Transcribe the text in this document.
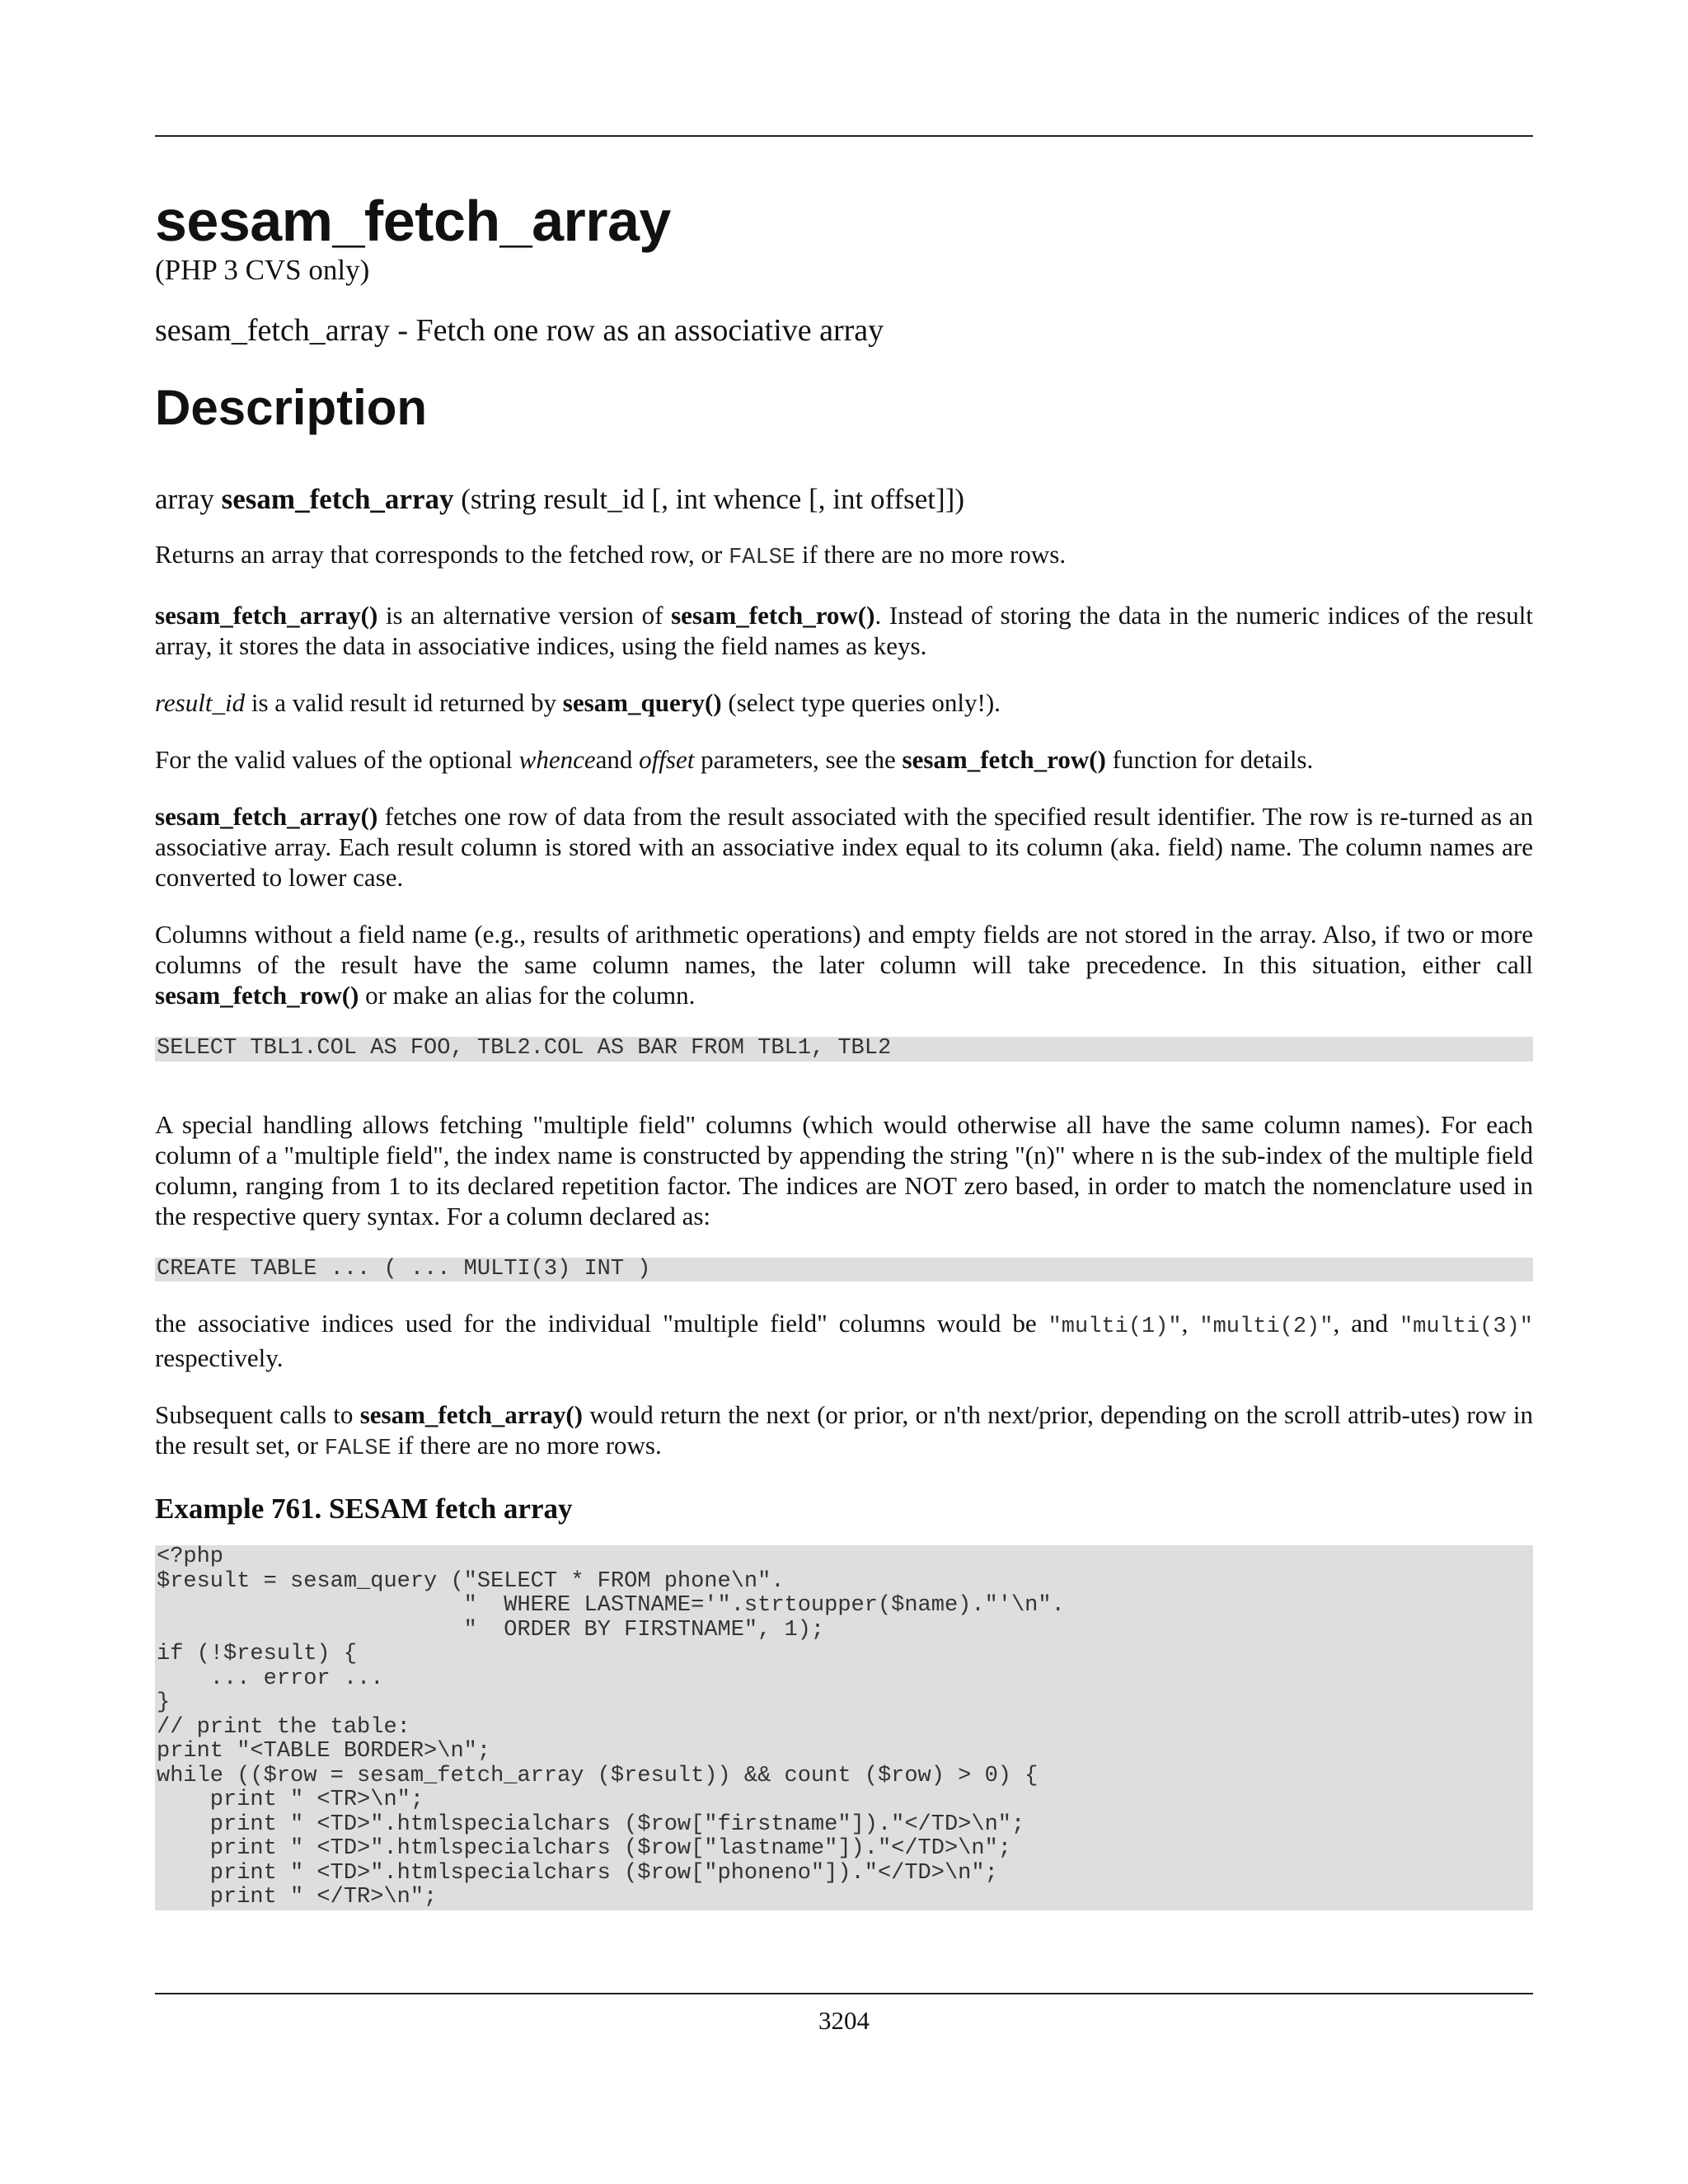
sesam_fetch_array
(PHP 3 CVS only)
sesam_fetch_array - Fetch one row as an associative array
Description
array sesam_fetch_array (string result_id [, int whence [, int offset]])

Returns an array that corresponds to the fetched row, or FALSE if there are no more rows.

sesam_fetch_array() is an alternative version of sesam_fetch_row(). Instead of storing the data in the numeric indices of the result array, it stores the data in associative indices, using the field names as keys.

result_id is a valid result id returned by sesam_query() (select type queries only!).

For the valid values of the optional whenceand offset parameters, see the sesam_fetch_row() function for details.

sesam_fetch_array() fetches one row of data from the result associated with the specified result identifier. The row is re-turned as an associative array. Each result column is stored with an associative index equal to its column (aka. field) name. The column names are converted to lower case.

Columns without a field name (e.g., results of arithmetic operations) and empty fields are not stored in the array. Also, if two or more columns of the result have the same column names, the later column will take precedence. In this situation, either call sesam_fetch_row() or make an alias for the column.

SELECT TBL1.COL AS FOO, TBL2.COL AS BAR FROM TBL1, TBL2

A special handling allows fetching "multiple field" columns (which would otherwise all have the same column names). For each column of a "multiple field", the index name is constructed by appending the string "(n)" where n is the sub-index of the multiple field column, ranging from 1 to its declared repetition factor. The indices are NOT zero based, in order to match the nomenclature used in the respective query syntax. For a column declared as:

CREATE TABLE ... ( ... MULTI(3) INT )

the associative indices used for the individual "multiple field" columns would be "multi(1)", "multi(2)", and "multi(3)" respectively.

Subsequent calls to sesam_fetch_array() would return the next (or prior, or n'th next/prior, depending on the scroll attrib-utes) row in the result set, or FALSE if there are no more rows.

Example 761. SESAM fetch array
<?php
$result = sesam_query ("SELECT * FROM phone\n".
"  WHERE LASTNAME='".strtoupper($name)."'\n".
"  ORDER BY FIRSTNAME", 1);
if (!$result) {
... error ...
}
// print the table:
print "<TABLE BORDER>\n";
while (($row = sesam_fetch_array ($result)) && count ($row) > 0) {
print " <TR>\n";
print " <TD>".htmlspecialchars ($row["firstname"])."</TD>\n";
print " <TD>".htmlspecialchars ($row["lastname"])."</TD>\n";
print " <TD>".htmlspecialchars ($row["phoneno"])."</TD>\n";
print " </TR>\n";
3204
